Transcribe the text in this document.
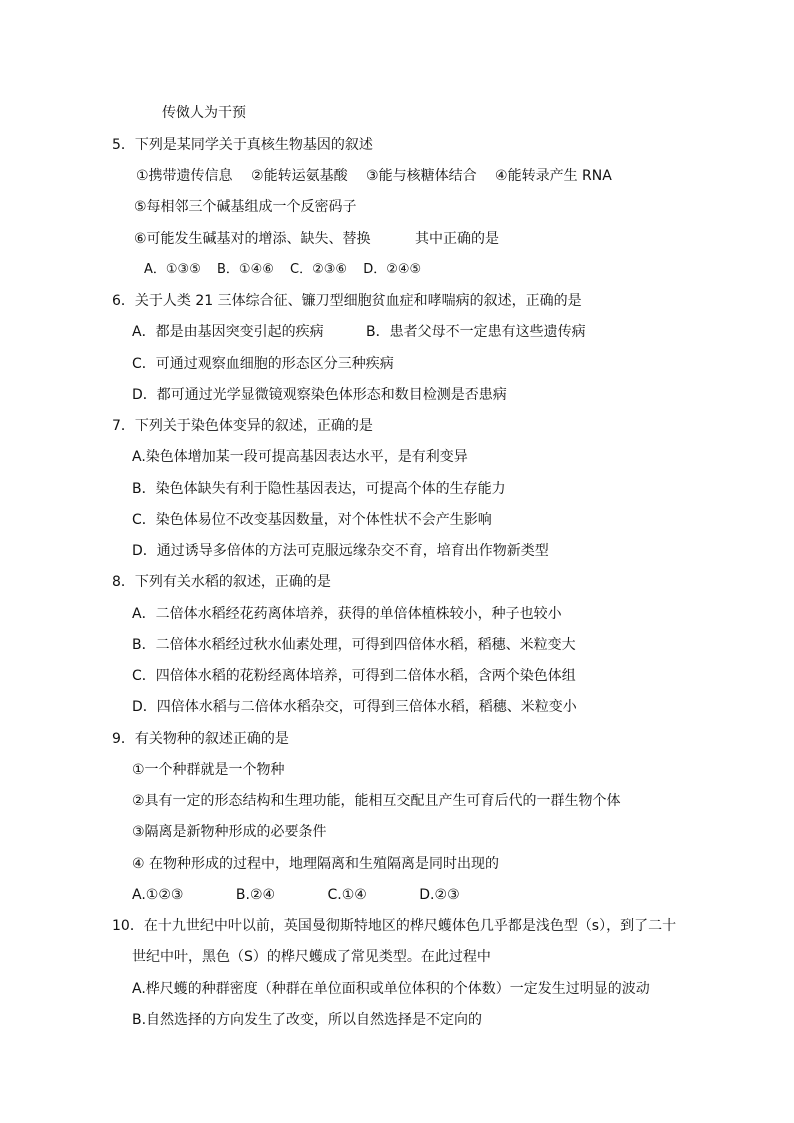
传傚人为干预
5．下列是某同学关于真核生物基因的叙述
①携带遗传信息 ②能转运氨基酸 ③能与核糖体结合 ④能转录产生 RNA
⑤每相邻三个碱基组成一个反密码子
⑥可能发生碱基对的增添、缺失、替换	其中正确的是
A．①③⑤ B．①④⑥ C．②③⑥ D．②④⑤
6．关于人类 21 三体综合征、镰刀型细胞贫血症和哮喘病的叙述，正确的是
A．都是由基因突变引起的疾病	B．患者父母不一定患有这些遗传病
C．可通过观察血细胞的形态区分三种疾病
D．都可通过光学显微镜观察染色体形态和数目检测是否患病
7．下列关于染色体变异的叙述，正确的是
A.染色体增加某一段可提高基因表达水平，是有利变异
B．染色体缺失有利于隐性基因表达，可提高个体的生存能力
C．染色体易位不改变基因数量，对个体性状不会产生影响
D．通过诱导多倍体的方法可克服远缘杂交不育，培育出作物新类型
8．下列有关水稻的叙述，正确的是
A．二倍体水稻经花药离体培养，获得的单倍体植株较小，种子也较小
B．二倍体水稻经过秋水仙素处理，可得到四倍体水稻，稻穗、米粒变大
C．四倍体水稻的花粉经离体培养，可得到二倍体水稻，含两个染色体组
D．四倍体水稻与二倍体水稻杂交，可得到三倍体水稻，稻穗、米粒变小
9．有关物种的叙述正确的是
①一个种群就是一个物种
②具有一定的形态结构和生理功能，能相互交配且产生可育后代的一群生物个体
③隔离是新物种形成的必要条件
④ 在物种形成的过程中，地理隔离和生殖隔离是同时出现的
A.①②③	B.②④	C.①④	D.②③
10．在十九世纪中叶以前，英国曼彻斯特地区的桦尺蠖体色几乎都是浅色型（s），到了二十
世纪中叶，黑色（S）的桦尺蠖成了常见类型。在此过程中
A.桦尺蠖的种群密度（种群在单位面积或单位体积的个体数）一定发生过明显的波动
B.自然选择的方向发生了改变，所以自然选择是不定向的
